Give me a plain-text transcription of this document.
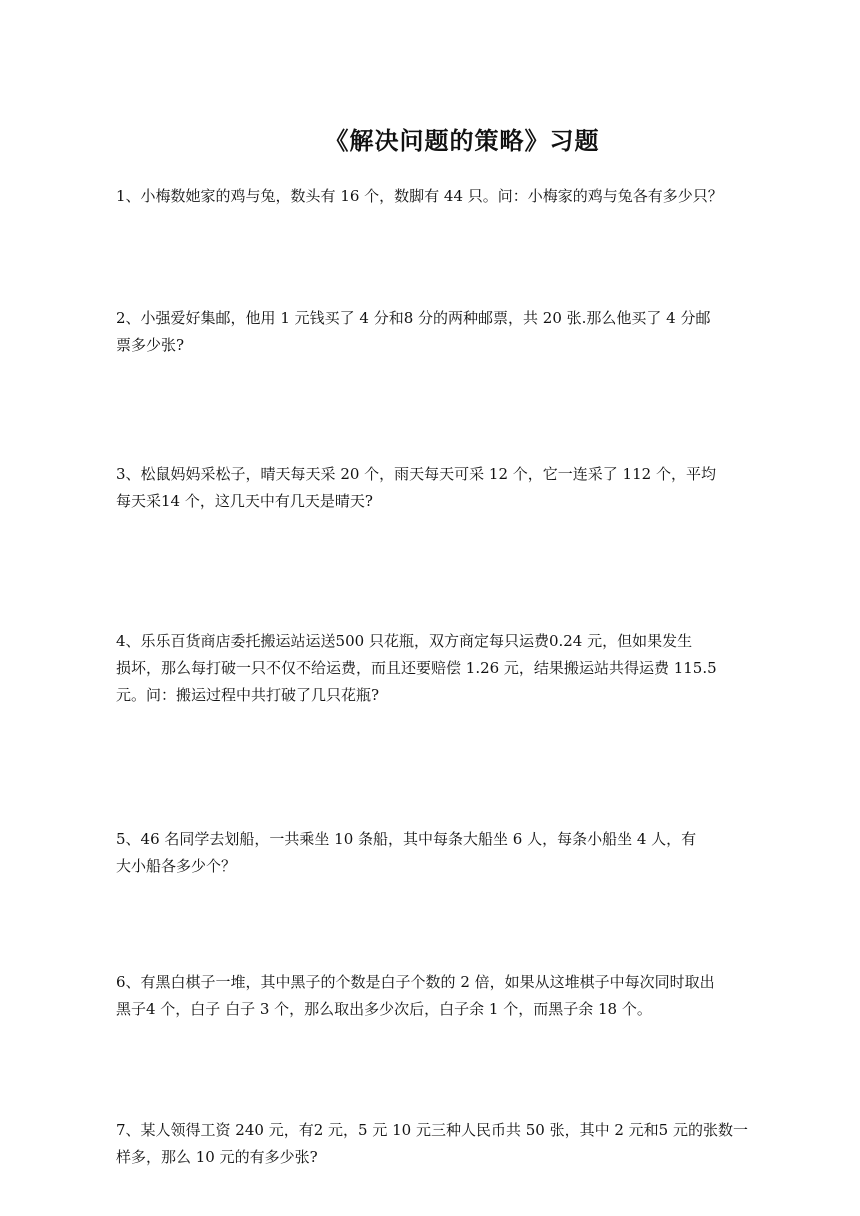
《解决问题的策略》习题
1、小梅数她家的鸡与兔，数头有 16 个，数脚有 44 只。问：小梅家的鸡与兔各有多少只？
2、小强爱好集邮，他用 1 元钱买了 4 分和8 分的两种邮票，共 20 张.那么他买了 4 分邮
票多少张?
3、松鼠妈妈采松子，晴天每天采 20 个，雨天每天可采 12 个，它一连采了 112 个，平均
每天采14 个，这几天中有几天是晴天?
4、乐乐百货商店委托搬运站运送500 只花瓶，双方商定每只运费0.24 元，但如果发生
损坏，那么每打破一只不仅不给运费，而且还要赔偿 1.26 元，结果搬运站共得运费 115.5
元。问：搬运过程中共打破了几只花瓶?
5、46 名同学去划船，一共乘坐 10 条船，其中每条大船坐 6 人，每条小船坐 4 人，有
大小船各多少个？
6、有黑白棋子一堆，其中黑子的个数是白子个数的 2 倍，如果从这堆棋子中每次同时取出
黑子4 个，白子 白子 3 个，那么取出多少次后，白子余 1 个，而黑子余 18 个。
7、某人领得工资 240 元，有2 元，5 元 10 元三种人民币共 50 张，其中 2 元和5 元的张数一
样多，那么 10 元的有多少张?
